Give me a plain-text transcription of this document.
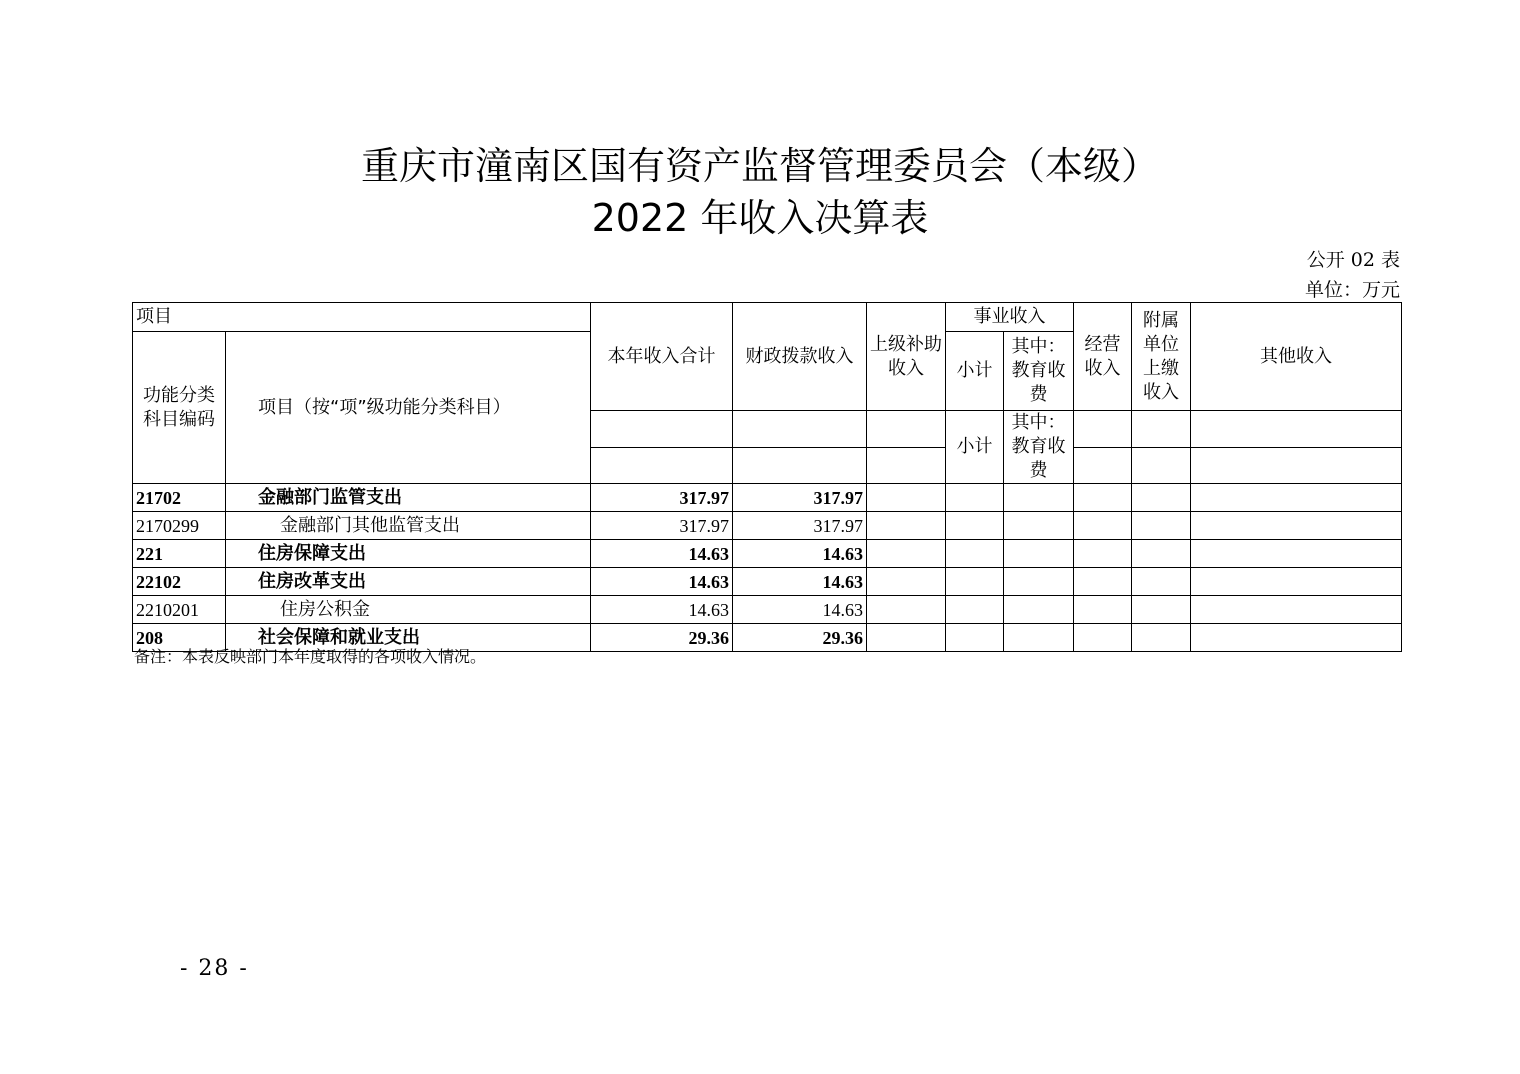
重庆市潼南区国有资产监督管理委员会（本级）
2022 年收入决算表
公开 02 表
单位：万元
项目		本年收入合计	财政拨款收入	上级补助收入	事业收入		经营收入	附属单位上缴收入	其他收入
功能分类科目编码	项目（按“项”级功能分类科目）				小计	其中：教育收费			
					小计	其中：教育收费			

21702	金融部门监管支出	317.97	317.97						
2170299	金融部门其他监管支出	317.97	317.97						
221	住房保障支出	14.63	14.63						
22102	住房改革支出	14.63	14.63						
2210201	住房公积金	14.63	14.63						
208	社会保障和就业支出	29.36	29.36						
备注：本表反映部门本年度取得的各项收入情况。
- 28 -
